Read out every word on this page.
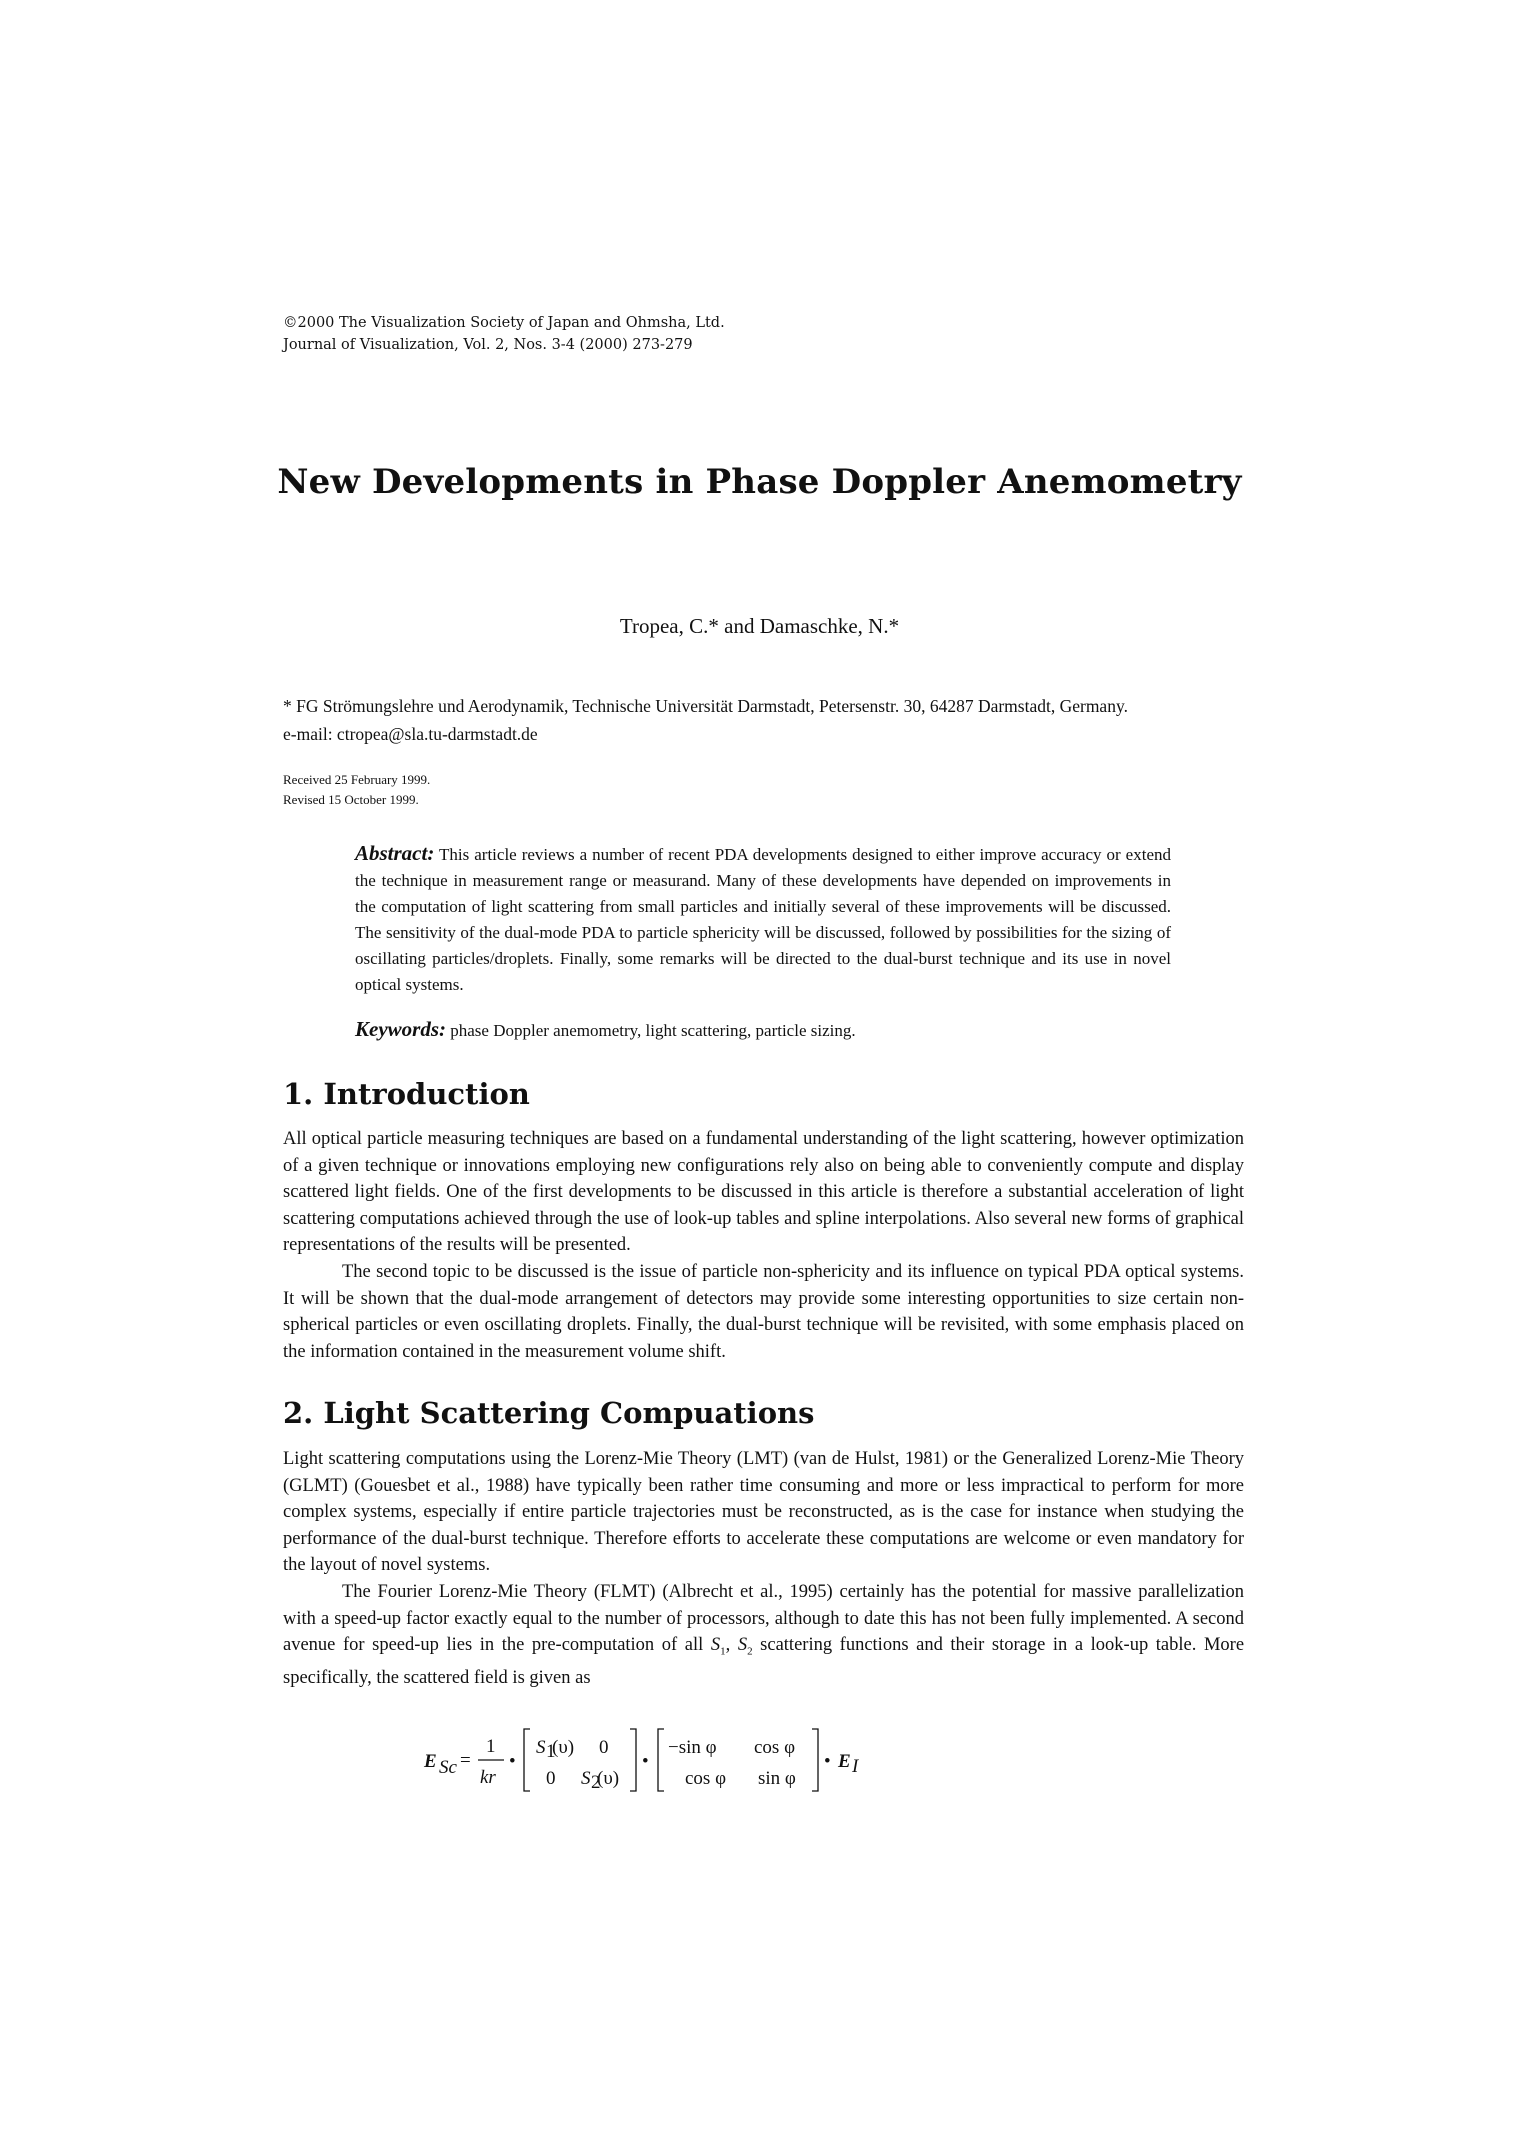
©2000 The Visualization Society of Japan and Ohmsha, Ltd.
Journal of Visualization, Vol. 2, Nos. 3-4 (2000) 273-279
New Developments in Phase Doppler Anemometry
Tropea, C.* and Damaschke, N.*
* FG Strömungslehre und Aerodynamik, Technische Universität Darmstadt, Petersenstr. 30, 64287 Darmstadt, Germany.
e-mail: ctropea@sla.tu-darmstadt.de
Received 25 February 1999.
Revised 15 October 1999.
Abstract: This article reviews a number of recent PDA developments designed to either improve accuracy or extend the technique in measurement range or measurand. Many of these developments have depended on improvements in the computation of light scattering from small particles and initially several of these improvements will be discussed. The sensitivity of the dual-mode PDA to particle sphericity will be discussed, followed by possibilities for the sizing of oscillating particles/droplets. Finally, some remarks will be directed to the dual-burst technique and its use in novel optical systems.
Keywords: phase Doppler anemometry, light scattering, particle sizing.
1. Introduction

All optical particle measuring techniques are based on a fundamental understanding of the light scattering, however optimization of a given technique or innovations employing new configurations rely also on being able to conveniently compute and display scattered light fields. One of the first developments to be discussed in this article is therefore a substantial acceleration of light scattering computations achieved through the use of look-up tables and spline interpolations. Also several new forms of graphical representations of the results will be presented.

The second topic to be discussed is the issue of particle non-sphericity and its influence on typical PDA optical systems. It will be shown that the dual-mode arrangement of detectors may provide some interesting opportunities to size certain non-spherical particles or even oscillating droplets. Finally, the dual-burst technique will be revisited, with some emphasis placed on the information contained in the measurement volume shift.

2. Light Scattering Compuations

Light scattering computations using the Lorenz-Mie Theory (LMT) (van de Hulst, 1981) or the Generalized Lorenz-Mie Theory (GLMT) (Gouesbet et al., 1988) have typically been rather time consuming and more or less impractical to perform for more complex systems, especially if entire particle trajectories must be reconstructed, as is the case for instance when studying the performance of the dual-burst technique. Therefore efforts to accelerate these computations are welcome or even mandatory for the layout of novel systems.

The Fourier Lorenz-Mie Theory (FLMT) (Albrecht et al., 1995) certainly has the potential for massive parallelization with a speed-up factor exactly equal to the number of processors, although to date this has not been fully implemented. A second avenue for speed-up lies in the pre-computation of all $S_1$, $S_2$ scattering functions and their storage in a look-up table. More specifically, the scattered field is given as

E Sc =
1
kr
•
S 1
(υ) 0
0 S 2
(υ)
•
−sin φ cos φ
cos φ sin φ
• E I
